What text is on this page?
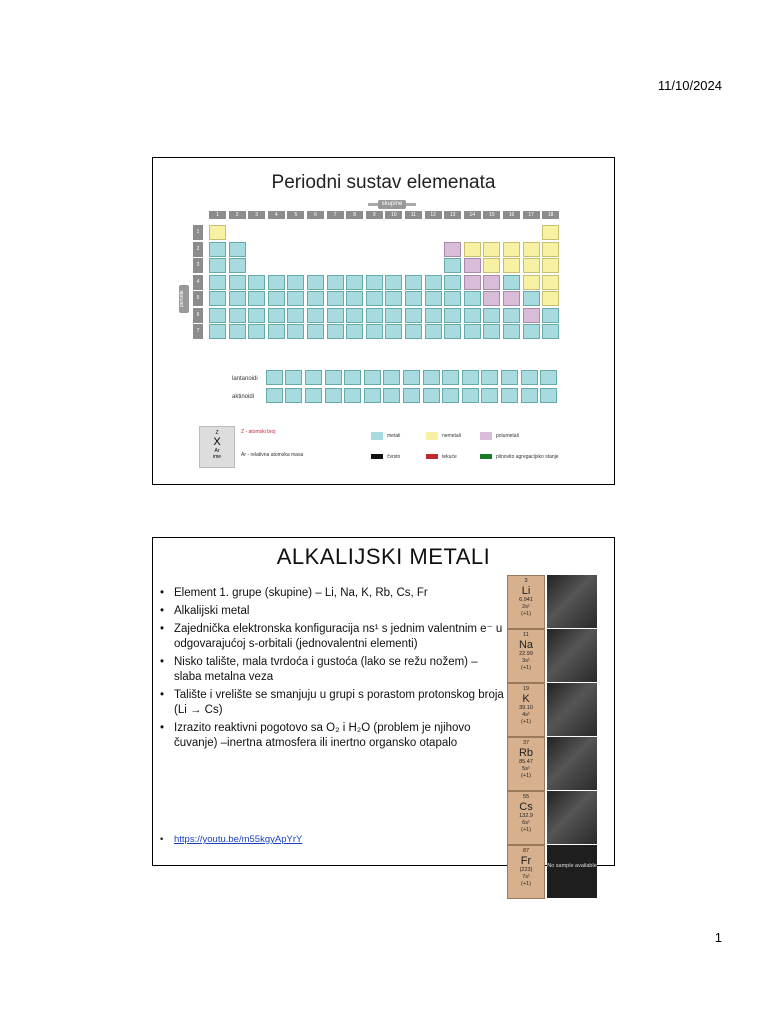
11/10/2024
Periodni sustav elemenata
skupine
1	2	3	4	5	6	7	8	9	10	11	12	13	14	15	16	17	18
1
2
3
4
5
6
7
periode
lantanoidi
aktinoidi
Z
X
Ar
ime
Z - atomski broj
Ar - relativna atomska masa
metali	nemetali	polumetali
čvrsto	tekuće	plinovito agregacijsko stanje
ALKALIJSKI METALI
• Element 1. grupe (skupine) – Li, Na, K, Rb, Cs, Fr
• Alkalijski metal
• Zajednička elektronska konfiguracija ns¹ s jednim valentnim e⁻ u odgovarajućoj s-orbitali (jednovalentni elementi)
• Nisko talište, mala tvrdoća i gustoća (lako se režu nožem) – slaba metalna veza
• Talište i vrelište se smanjuju u grupi s porastom protonskog broja (Li → Cs)
• Izrazito reaktivni pogotovo sa O₂ i H₂O (problem je njihovo čuvanje) –inertna atmosfera ili inertno organsko otapalo
• https://youtu.be/m55kgyApYrY
3
Li
6.941
2s¹
(+1)
11
Na
22.99
3s¹
(+1)
19
K
39.10
4s¹
(+1)
37
Rb
85.47
5s¹
(+1)
55
Cs
132.9
6s¹
(+1)
87
Fr
(223)
7s¹
(+1)
No sample available
1
